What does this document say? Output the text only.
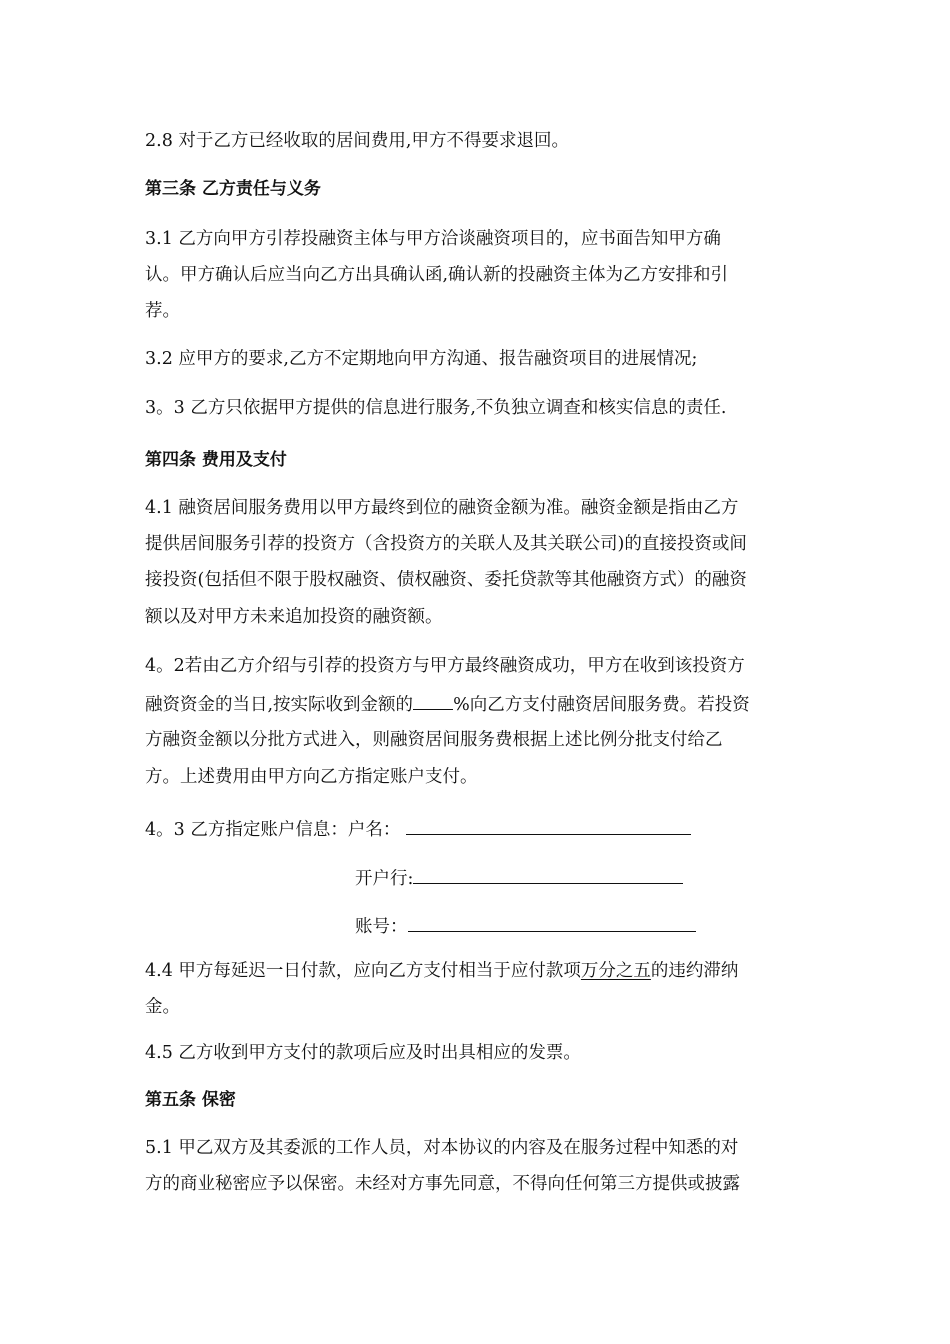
2.8 对于乙方已经收取的居间费用,甲方不得要求退回。
第三条 乙方责任与义务
3.1 乙方向甲方引荐投融资主体与甲方洽谈融资项目的，应书面告知甲方确
认。甲方确认后应当向乙方出具确认函,确认新的投融资主体为乙方安排和引
荐。
3.2 应甲方的要求,乙方不定期地向甲方沟通、报告融资项目的进展情况;
3。3 乙方只依据甲方提供的信息进行服务,不负独立调查和核实信息的责任.
第四条 费用及支付
4.1 融资居间服务费用以甲方最终到位的融资金额为准。融资金额是指由乙方
提供居间服务引荐的投资方（含投资方的关联人及其关联公司)的直接投资或间
接投资(包括但不限于股权融资、债权融资、委托贷款等其他融资方式）的融资
额以及对甲方未来追加投资的融资额。
4。2若由乙方介绍与引荐的投资方与甲方最终融资成功，甲方在收到该投资方
融资资金的当日,按实际收到金额的 %向乙方支付融资居间服务费。若投资
方融资金额以分批方式进入，则融资居间服务费根据上述比例分批支付给乙
方。上述费用由甲方向乙方指定账户支付。
4。3 乙方指定账户信息：户名：
开户行:
账号：
4.4 甲方每延迟一日付款，应向乙方支付相当于应付款项万分之五的违约滞纳
金。
4.5 乙方收到甲方支付的款项后应及时出具相应的发票。
第五条 保密
5.1 甲乙双方及其委派的工作人员，对本协议的内容及在服务过程中知悉的对
方的商业秘密应予以保密。未经对方事先同意，不得向任何第三方提供或披露
